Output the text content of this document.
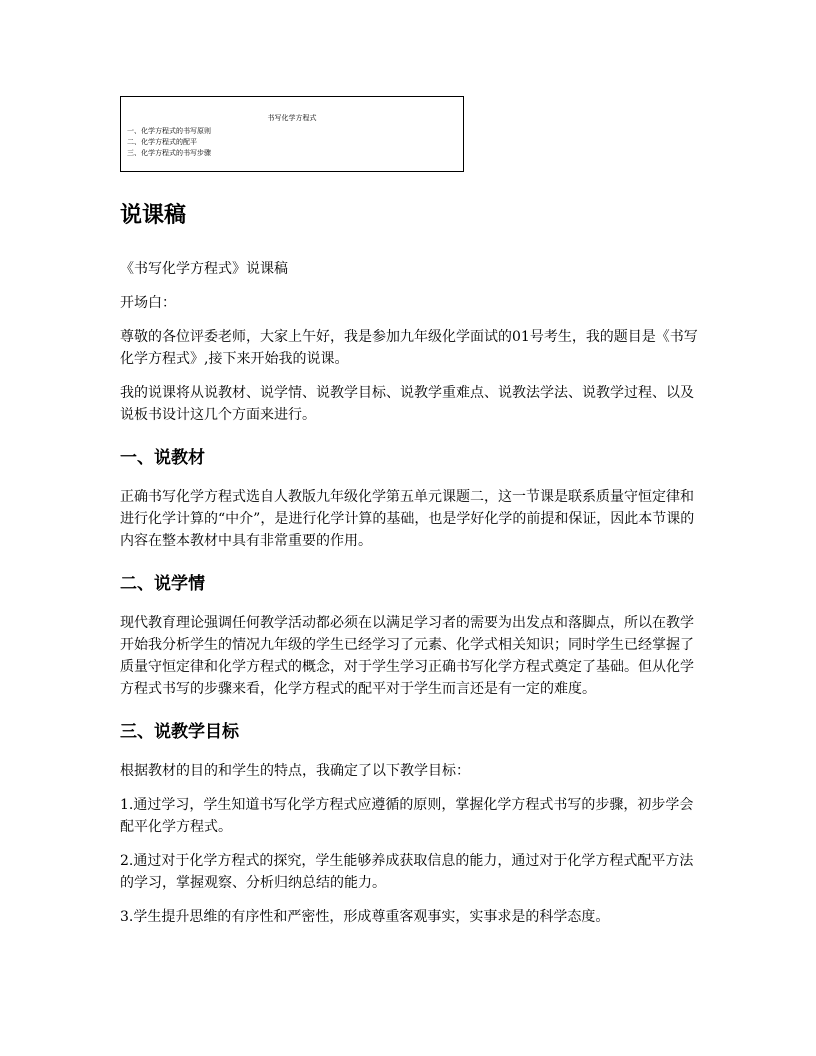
书写化学方程式
一、化学方程式的书写原则
二、化学方程式的配平
三、化学方程式的书写步骤
说课稿

《书写化学方程式》说课稿

开场白：

尊敬的各位评委老师，大家上午好，我是参加九年级化学面试的01号考生，我的题目是《书写化学方程式》,接下来开始我的说课。

我的说课将从说教材、说学情、说教学目标、说教学重难点、说教法学法、说教学过程、以及说板书设计这几个方面来进行。

一、说教材

正确书写化学方程式选自人教版九年级化学第五单元课题二，这一节课是联系质量守恒定律和进行化学计算的“中介”，是进行化学计算的基础，也是学好化学的前提和保证，因此本节课的内容在整本教材中具有非常重要的作用。

二、说学情

现代教育理论强调任何教学活动都必须在以满足学习者的需要为出发点和落脚点，所以在教学开始我分析学生的情况九年级的学生已经学习了元素、化学式相关知识；同时学生已经掌握了质量守恒定律和化学方程式的概念，对于学生学习正确书写化学方程式奠定了基础。但从化学方程式书写的步骤来看，化学方程式的配平对于学生而言还是有一定的难度。

三、说教学目标

根据教材的目的和学生的特点，我确定了以下教学目标：

1.通过学习，学生知道书写化学方程式应遵循的原则，掌握化学方程式书写的步骤，初步学会配平化学方程式。

2.通过对于化学方程式的探究，学生能够养成获取信息的能力，通过对于化学方程式配平方法的学习，掌握观察、分析归纳总结的能力。

3.学生提升思维的有序性和严密性，形成尊重客观事实，实事求是的科学态度。
